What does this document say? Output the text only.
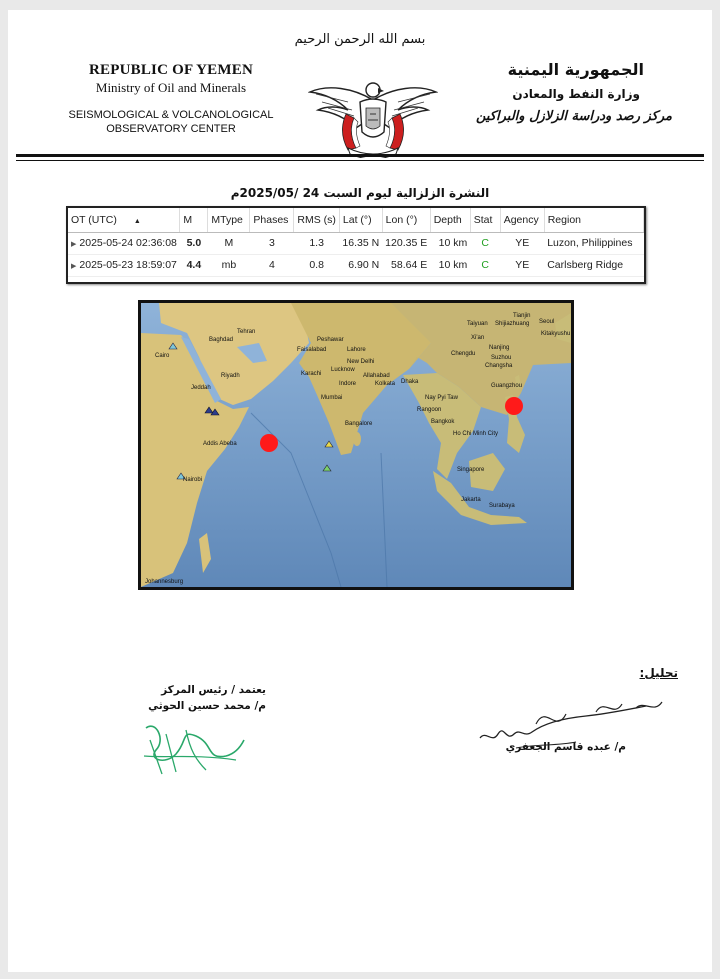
بسم الله الرحمن الرحيم
REPUBLIC OF YEMEN
Ministry of Oil and Minerals
SEISMOLOGICAL & VOLCANOLOGICAL
OBSERVATORY CENTER
الجمهورية اليمنية
وزارة النفط والمعادن
مركز رصد ودراسة الزلازل والبراكين
النشرة الزلزالية ليوم السبت 24 /2025/05م
OT (UTC) ▲	M	MType	Phases	RMS (s)	Lat (°)	Lon (°)	Depth	Stat	Agency	Region
▶ 2025-05-24 02:36:08	5.0	M	3	1.3	16.35 N	120.35 E	10 km	C	YE	Luzon, Philippines
▶ 2025-05-23 18:59:07	4.4	mb	4	0.8	6.90 N	58.64 E	10 km	C	YE	Carlsberg Ridge
Tehran
Baghdad
Cairo
Riyadh
Jeddah
Addis Abeba
Nairobi
Johannesburg
Peshawar
Faisalabad	Lahore
Karachi
New Delhi
Lucknow
Allahabad
Indore	Kolkata Dhaka
Mumbai
Bangalore
Nay Pyi Taw
Rangoon
Bangkok
Ho Chi Minh City
Singapore
Jakarta
Surabaya
Chengdu
Xi'an
Nanjing
Suzhou
Changsha
Guangzhou
Taiyuan Shijiazhuang
Tianjin
Seoul
Kitakyushu
يعتمد / رئيس المركز
م/ محمد حسين الحوثي
تحليل:
م/ عبده قاسم الجعفري
